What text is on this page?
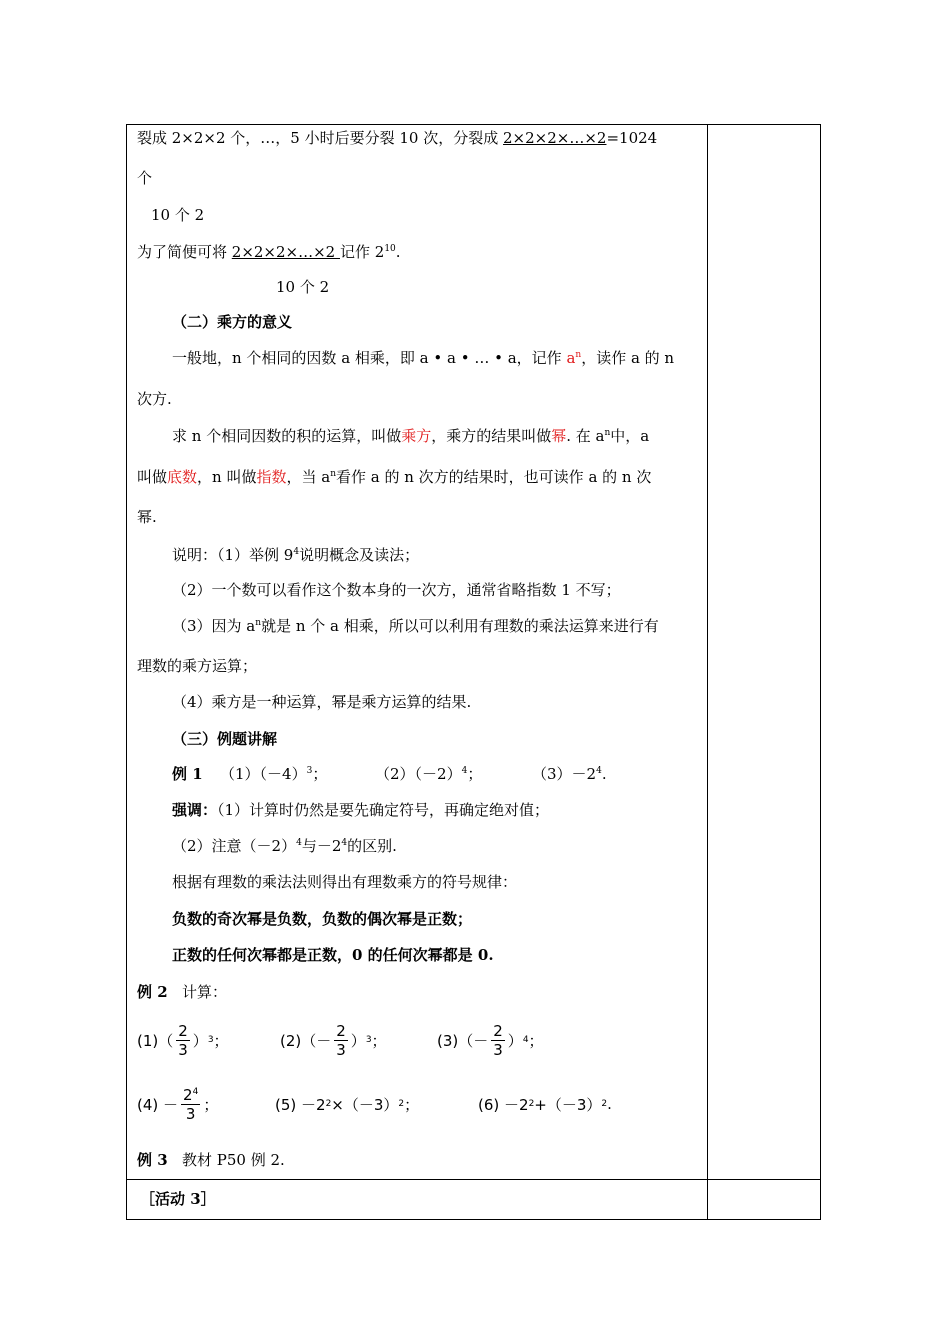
裂成 2×2×2 个，…，5 小时后要分裂 10 次，分裂成 2×2×2×…×2=1024
个
10 个 2
为了简便可将 2×2×2×…×2 记作 $2^{10}$.
10 个 2
（二）乘方的意义
一般地，n 个相同的因数 a 相乘，即 a • a • … • a，记作 $a^n$，读作 a 的 n
次方.
求 n 个相同因数的积的运算，叫做乘方，乘方的结果叫做幂. 在 $a^n$中，a
叫做底数，n 叫做指数，当 $a^n$看作 a 的 n 次方的结果时，也可读作 a 的 n 次
幂.
说明：（1）举例 $9^4$说明概念及读法；
（2）一个数可以看作这个数本身的一次方，通常省略指数 1 不写；
（3）因为 $a^n$就是 n 个 a 相乘，所以可以利用有理数的乘法运算来进行有
理数的乘方运算；
（4）乘方是一种运算，幂是乘方运算的结果.
（三）例题讲解
例 1 $(1)(-4)^3$；	$(2)(-2)^4$；	$(3)-2^4$.
强调：（1）计算时仍然是要先确定符号，再确定绝对值；
（2）注意$(-2)^4$与$-2^4$的区别.
根据有理数的乘法法则得出有理数乘方的符号规律：
负数的奇次幂是负数，负数的偶次幂是正数；
正数的任何次幂都是正数，0 的任何次幂都是 0.
例 2 计算：
$(1)( \frac{2}{3}$ ） 3 ；	$(2)(- \frac{2}{3}$ ） 3 ；	$(3)(- \frac{2}{3}$ ） 4 ；
$(4) - \frac{2^4}{3}$ ；	(5) －2 2 ×（－3） 2 ；	(6) －2 2 +（－3） 2 .
例 3 教材 P50 例 2.
［活动 3］
